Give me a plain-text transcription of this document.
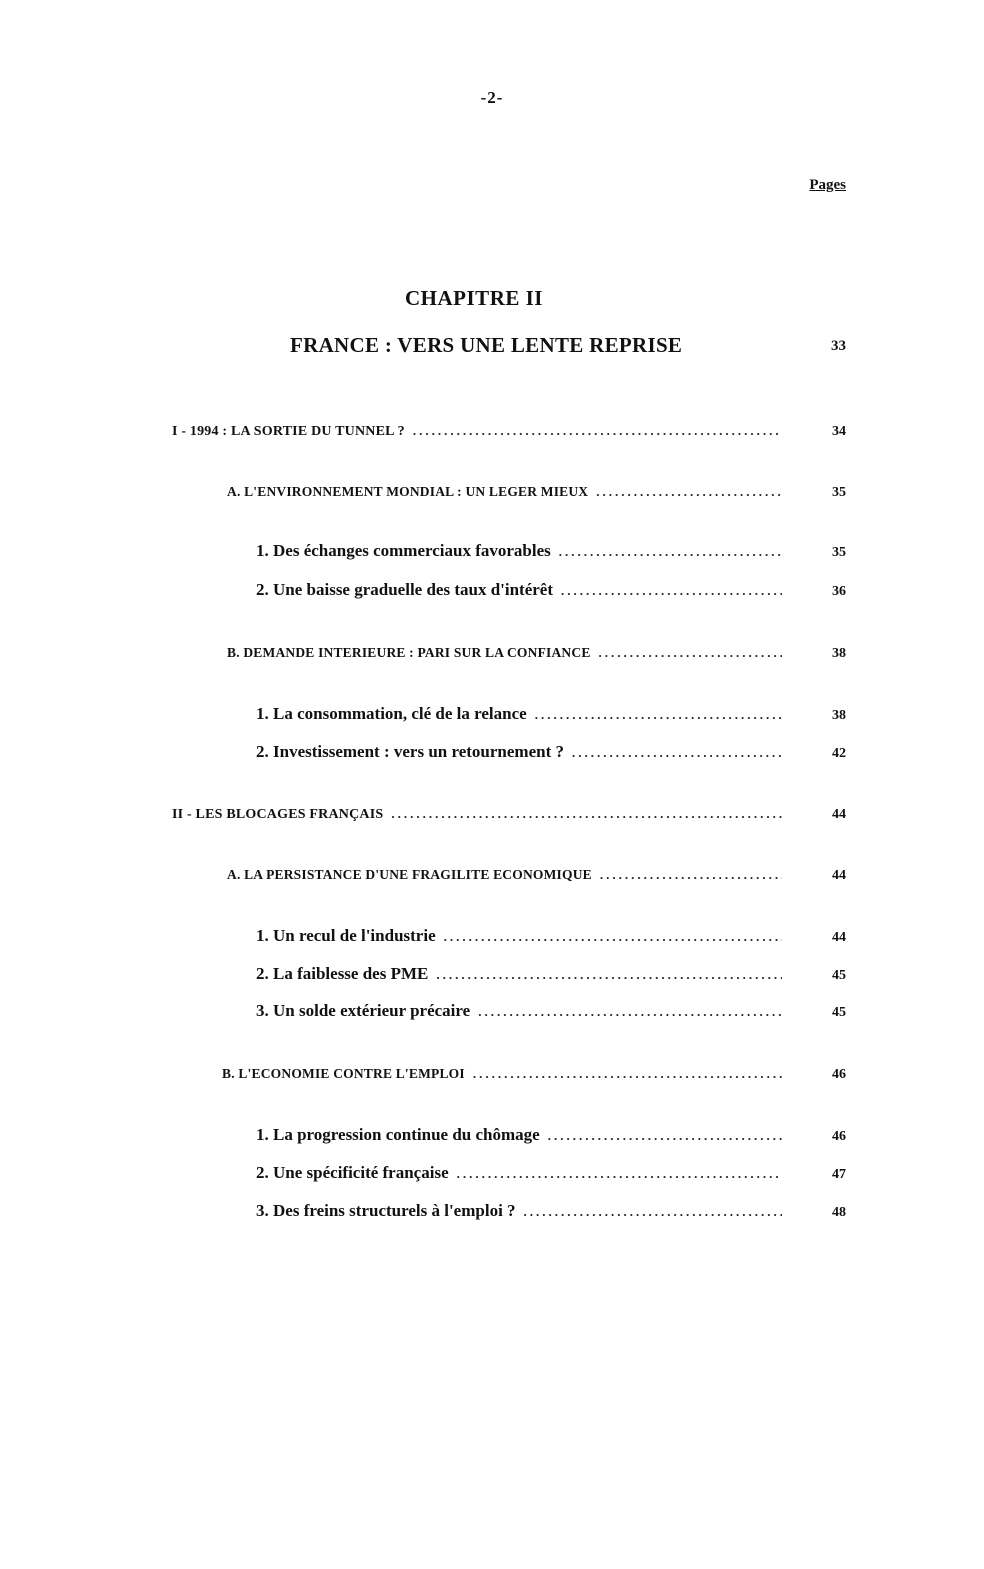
-2-
Pages
CHAPITRE II
FRANCE : VERS UNE LENTE REPRISE	33
I - 1994 : LA SORTIE DU TUNNEL ? .....	34
A. L'ENVIRONNEMENT MONDIAL : UN LEGER MIEUX .....	35
1. Des échanges commerciaux favorables .....	35
2. Une baisse graduelle des taux d'intérêt .....	36
B. DEMANDE INTERIEURE : PARI SUR LA CONFIANCE .....	38
1. La consommation, clé de la relance .....	38
2. Investissement : vers un retournement ? .....	42
II - LES BLOCAGES FRANÇAIS .....	44
A. LA PERSISTANCE D'UNE FRAGILITE ECONOMIQUE .....	44
1. Un recul de l'industrie .....	44
2. La faiblesse des PME .....	45
3. Un solde extérieur précaire .....	45
B. L'ECONOMIE CONTRE L'EMPLOI .....	46
1. La progression continue du chômage .....	46
2. Une spécificité française .....	47
3. Des freins structurels à l'emploi ? .....	48
